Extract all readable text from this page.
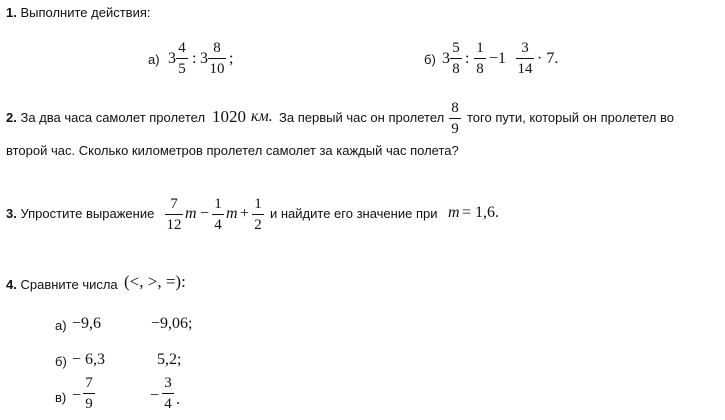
1. Выполните действия:
а) 3
4
5
: 3
8
10
;	б) 3
5
8
:
1
8
−1
3
14
· 7.
2. За два часа самолет пролетел 1020 км. За первый час он пролетел
8
9
того пути, который он пролетел во
второй час. Сколько километров пролетел самолет за каждый час полета?
3. Упростите выражение
7
12
m −
1
4
m +
1
2
и найдите его значение при m = 1,6.
4. Сравните числа (<, >, =):
а) −9,6	−9,06;
б) − 6,3	5,2;
в) −
7
9	−
3
4 .
